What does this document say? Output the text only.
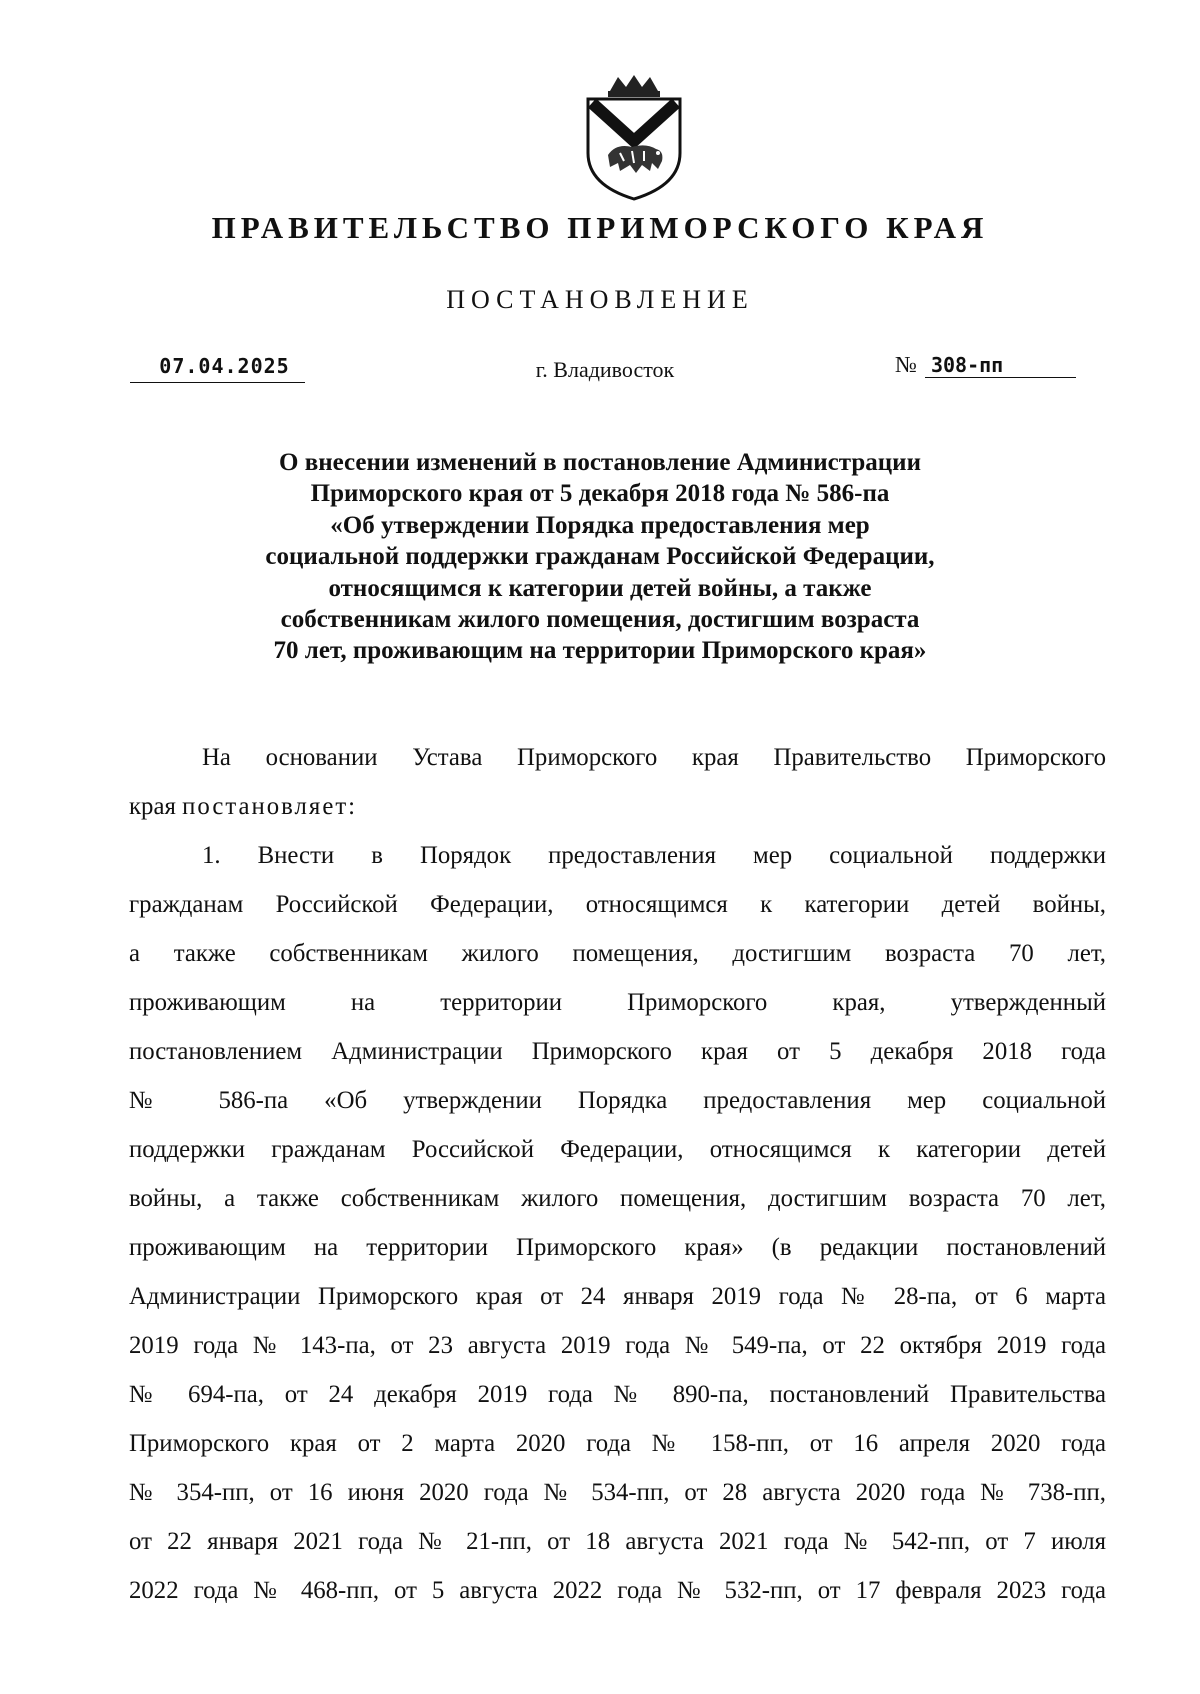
ПРАВИТЕЛЬСТВО ПРИМОРСКОГО КРАЯ
ПОСТАНОВЛЕНИЕ
07.04.2025	г. Владивосток	№ 308-пп
О внесении изменений в постановление Администрации
Приморского края от 5 декабря 2018 года № 586-па
«Об утверждении Порядка предоставления мер
социальной поддержки гражданам Российской Федерации,
относящимся к категории детей войны, а также
собственникам жилого помещения, достигшим возраста
70 лет, проживающим на территории Приморского края»
На основании Устава Приморского края Правительство Приморского
края постановляет:
1. Внести в Порядок предоставления мер социальной поддержки
гражданам Российской Федерации, относящимся к категории детей войны,
а также собственникам жилого помещения, достигшим возраста 70 лет,
проживающим на территории Приморского края, утвержденный
постановлением Администрации Приморского края от 5 декабря 2018 года
№ 586-па «Об утверждении Порядка предоставления мер социальной
поддержки гражданам Российской Федерации, относящимся к категории детей
войны, а также собственникам жилого помещения, достигшим возраста 70 лет,
проживающим на территории Приморского края» (в редакции постановлений
Администрации Приморского края от 24 января 2019 года № 28-па, от 6 марта
2019 года № 143-па, от 23 августа 2019 года № 549-па, от 22 октября 2019 года
№ 694-па, от 24 декабря 2019 года № 890-па, постановлений Правительства
Приморского края от 2 марта 2020 года № 158-пп, от 16 апреля 2020 года
№ 354-пп, от 16 июня 2020 года № 534-пп, от 28 августа 2020 года № 738-пп,
от 22 января 2021 года № 21-пп, от 18 августа 2021 года № 542-пп, от 7 июля
2022 года № 468-пп, от 5 августа 2022 года № 532-пп, от 17 февраля 2023 года
